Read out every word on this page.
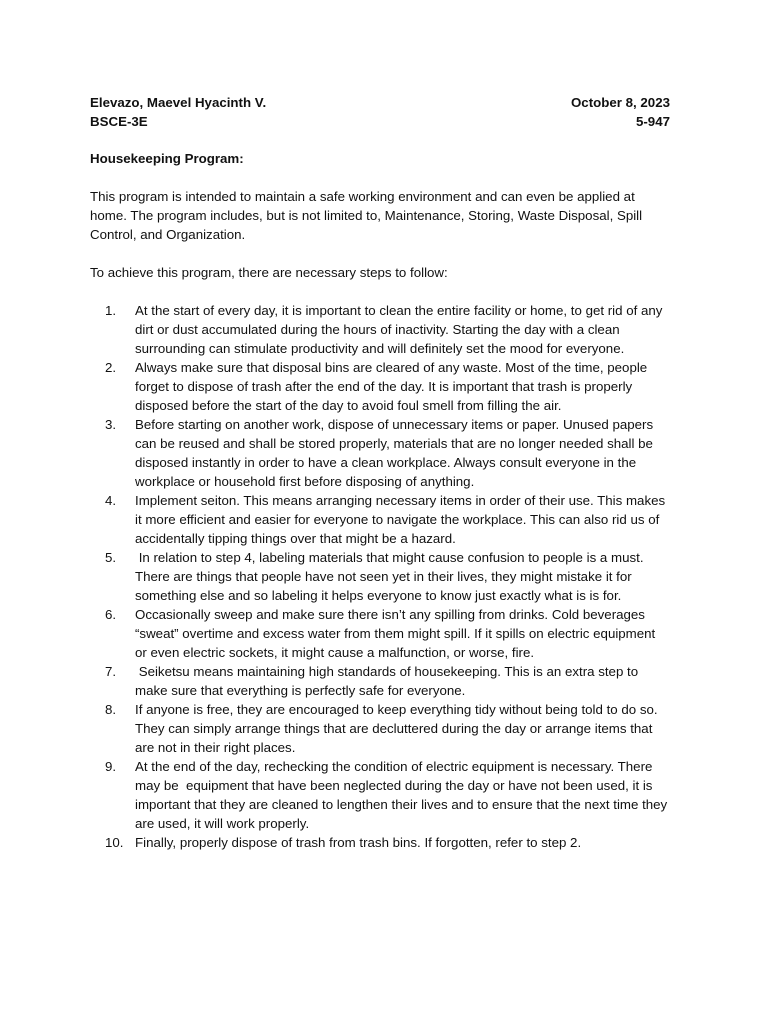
Elevazo, Maevel Hyacinth V.	October 8, 2023
BSCE-3E	5-947
Housekeeping Program:
This program is intended to maintain a safe working environment and can even be applied at home. The program includes, but is not limited to, Maintenance, Storing, Waste Disposal, Spill Control, and Organization.
To achieve this program, there are necessary steps to follow:
1.	At the start of every day, it is important to clean the entire facility or home, to get rid of any dirt or dust accumulated during the hours of inactivity. Starting the day with a clean surrounding can stimulate productivity and will definitely set the mood for everyone.
2.	Always make sure that disposal bins are cleared of any waste. Most of the time, people forget to dispose of trash after the end of the day. It is important that trash is properly disposed before the start of the day to avoid foul smell from filling the air.
3.	Before starting on another work, dispose of unnecessary items or paper. Unused papers can be reused and shall be stored properly, materials that are no longer needed shall be disposed instantly in order to have a clean workplace. Always consult everyone in the workplace or household first before disposing of anything.
4.	Implement seiton. This means arranging necessary items in order of their use. This makes it more efficient and easier for everyone to navigate the workplace. This can also rid us of accidentally tipping things over that might be a hazard.
5.	In relation to step 4, labeling materials that might cause confusion to people is a must. There are things that people have not seen yet in their lives, they might mistake it for something else and so labeling it helps everyone to know just exactly what is is for.
6.	Occasionally sweep and make sure there isn’t any spilling from drinks. Cold beverages “sweat” overtime and excess water from them might spill. If it spills on electric equipment or even electric sockets, it might cause a malfunction, or worse, fire.
7.	Seiketsu means maintaining high standards of housekeeping. This is an extra step to make sure that everything is perfectly safe for everyone.
8.	If anyone is free, they are encouraged to keep everything tidy without being told to do so. They can simply arrange things that are decluttered during the day or arrange items that are not in their right places.
9.	At the end of the day, rechecking the condition of electric equipment is necessary. There may be  equipment that have been neglected during the day or have not been used, it is important that they are cleaned to lengthen their lives and to ensure that the next time they are used, it will work properly.
10. Finally, properly dispose of trash from trash bins. If forgotten, refer to step 2.
